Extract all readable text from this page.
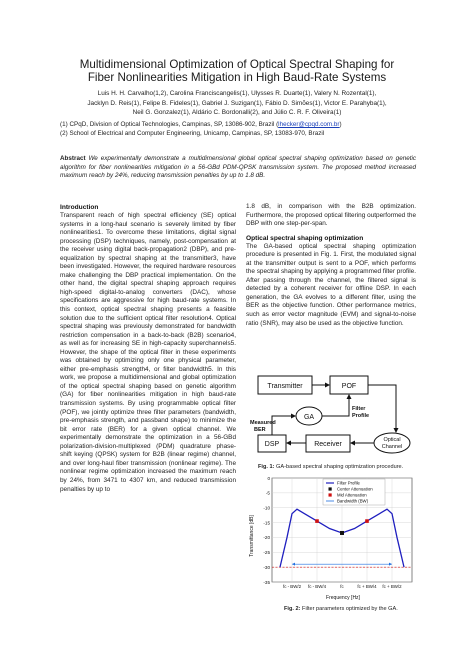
Multidimensional Optimization of Optical Spectral Shaping for
Fiber Nonlinearities Mitigation in High Baud-Rate Systems
Luis H. H. Carvalho(1,2), Carolina Franciscangelis(1), Ulysses R. Duarte(1), Valery N. Rozental(1),
Jacklyn D. Reis(1), Felipe B. Fideles(1), Gabriel J. Suzigan(1), Fábio D. Simões(1), Victor E. Parahyba(1),
Neil G. Gonzalez(1), Aldário C. Bordonalli(2), and Júlio C. R. F. Oliveira(1)
(1) CPqD, Division of Optical Technologies, Campinas, SP, 13086-902, Brazil (lhecker@cpqd.com.br)
(2) School of Electrical and Computer Engineering, Unicamp, Campinas, SP, 13083-970, Brazil
Abstract We experimentally demonstrate a multidimensional global optical spectral shaping optimization based on genetic algorithm for fiber nonlinearities mitigation in a 56-GBd PDM-QPSK transmission system. The proposed method increased maximum reach by 24%, reducing transmission penalties by up to 1.8 dB.

Introduction

Transparent reach of high spectral efficiency (SE) optical systems in a long-haul scenario is severely limited by fiber nonlinearities1. To overcome these limitations, digital signal processing (DSP) techniques, namely, post-compensation at the receiver using digital back-propagation2 (DBP), and pre-equalization by spectral shaping at the transmitter3, have been investigated. However, the required hardware resources make challenging the DBP practical implementation. On the other hand, the digital spectral shaping approach requires high-speed digital-to-analog converters (DAC), whose specifications are aggressive for high baud-rate systems. In this context, optical spectral shaping presents a feasible solution due to the sufficient optical filter resolution4. Optical spectral shaping was previously demonstrated for bandwidth restriction compensation in a back-to-back (B2B) scenario4, as well as for increasing SE in high-capacity superchannels5. However, the shape of the optical filter in these experiments was obtained by optimizing only one physical parameter, either pre-emphasis strength4, or filter bandwidth5. In this work, we propose a multidimensional and global optimization of the optical spectral shaping based on genetic algorithm (GA) for fiber nonlinearities mitigation in high baud-rate transmission systems. By using programmable optical filter (POF), we jointly optimize three filter parameters (bandwidth, pre-emphasis strength, and passband shape) to minimize the bit error rate (BER) for a given optical channel. We experimentally demonstrate the optimization in a 56-GBd polarization-division-multiplexed (PDM) quadrature phase-shift keying (QPSK) system for B2B (linear regime) channel, and over long-haul fiber transmission (nonlinear regime). The nonlinear regime optimization increased the maximum reach by 24%, from 3471 to 4307 km, and reduced transmission penalties by up to

1.8 dB, in comparison with the B2B optimization. Furthermore, the proposed optical filtering outperformed the DBP with one step-per-span.

Optical spectral shaping optimization

The GA-based optical spectral shaping optimization procedure is presented in Fig. 1. First, the modulated signal at the transmitter output is sent to a POF, which performs the spectral shaping by applying a programmed filter profile. After passing through the channel, the filtered signal is detected by a coherent receiver for offline DSP. In each generation, the GA evolves to a different filter, using the BER as the objective function. Other performance metrics, such as error vector magnitude (EVM) and signal-to-noise ratio (SNR), may also be used as the objective function.

Transmitter	POF
GA
Filter
Profile
Optical
Channel
Receiver
DSP
Measured
BER
Fig. 1: GA-based spectral shaping optimization procedure.
Transmittance [dB]
0
-5
-10
-15
-20
-25
-30
-35
fc - BW/2 fc - BW/4	fc	fc + BW/4 fc + BW/2
Filter Profile
Center Attenuation
Mid Attenuation
Bandwidth (BW)
Frequency [Hz]
Fig. 2: Filter parameters optimized by the GA.
